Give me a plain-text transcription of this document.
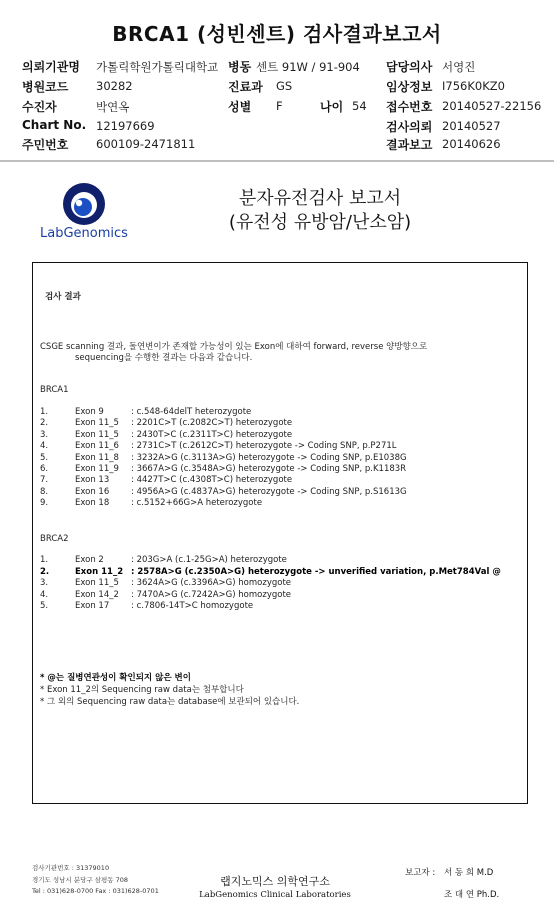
BRCA1 (성빈센트) 검사결과보고서
의뢰기관명 가톨릭학원가톨릭대학교 병동 센트 91W / 91-904 담당의사 서영진
병원코드 30282	진료과 GS	임상정보 I756K0KZ0
수진자	박연옥	성별 F	나이 54 접수번호 20140527-22156
Chart No. 12197669	검사의뢰 20140527
주민번호 600109-2471811	결과보고 20140626
LabGenomics
분자유전검사 보고서
(유전성 유방암/난소암)
검사 결과
CSGE scanning 결과, 돌연변이가 존재할 가능성이 있는 Exon에 대하여 forward, reverse 양방향으로
sequencing을 수행한 결과는 다음과 같습니다.
BRCA1
1.	Exon 9	: c.548-64delT heterozygote
2.	Exon 11_5 : 2201C>T (c.2082C>T) heterozygote
3.	Exon 11_5 : 2430T>C (c.2311T>C) heterozygote
4.	Exon 11_6 : 2731C>T (c.2612C>T) heterozygote -> Coding SNP, p.P271L
5.	Exon 11_8 : 3232A>G (c.3113A>G) heterozygote -> Coding SNP, p.E1038G
6.	Exon 11_9 : 3667A>G (c.3548A>G) heterozygote -> Coding SNP, p.K1183R
7.	Exon 13	: 4427T>C (c.4308T>C) heterozygote
8.	Exon 16	: 4956A>G (c.4837A>G) heterozygote -> Coding SNP, p.S1613G
9.	Exon 18	: c.5152+66G>A heterozygote
BRCA2
1.	Exon 2	: 203G>A (c.1-25G>A) heterozygote
2.	Exon 11_2 : 2578A>G (c.2350A>G) heterozygote -> unverified variation, p.Met784Val @
3.	Exon 11_5 : 3624A>G (c.3396A>G) homozygote
4.	Exon 14_2 : 7470A>G (c.7242A>G) homozygote
5.	Exon 17	: c.7806-14T>C homozygote
* @는 질병연관성이 확인되지 않은 변이
* Exon 11_2의 Sequencing raw data는 첨부합니다
* 그 외의 Sequencing raw data는 database에 보관되어 있습니다.
검사기관번호 : 31379010
경기도 성남시 분당구 삼평동 708
Tel : 031)628-0700 Fax : 031)628-0701
랩지노믹스 의학연구소
LabGenomics Clinical Laboratories
보고자 : 서 동 희 M.D
조 대 연 Ph.D.
